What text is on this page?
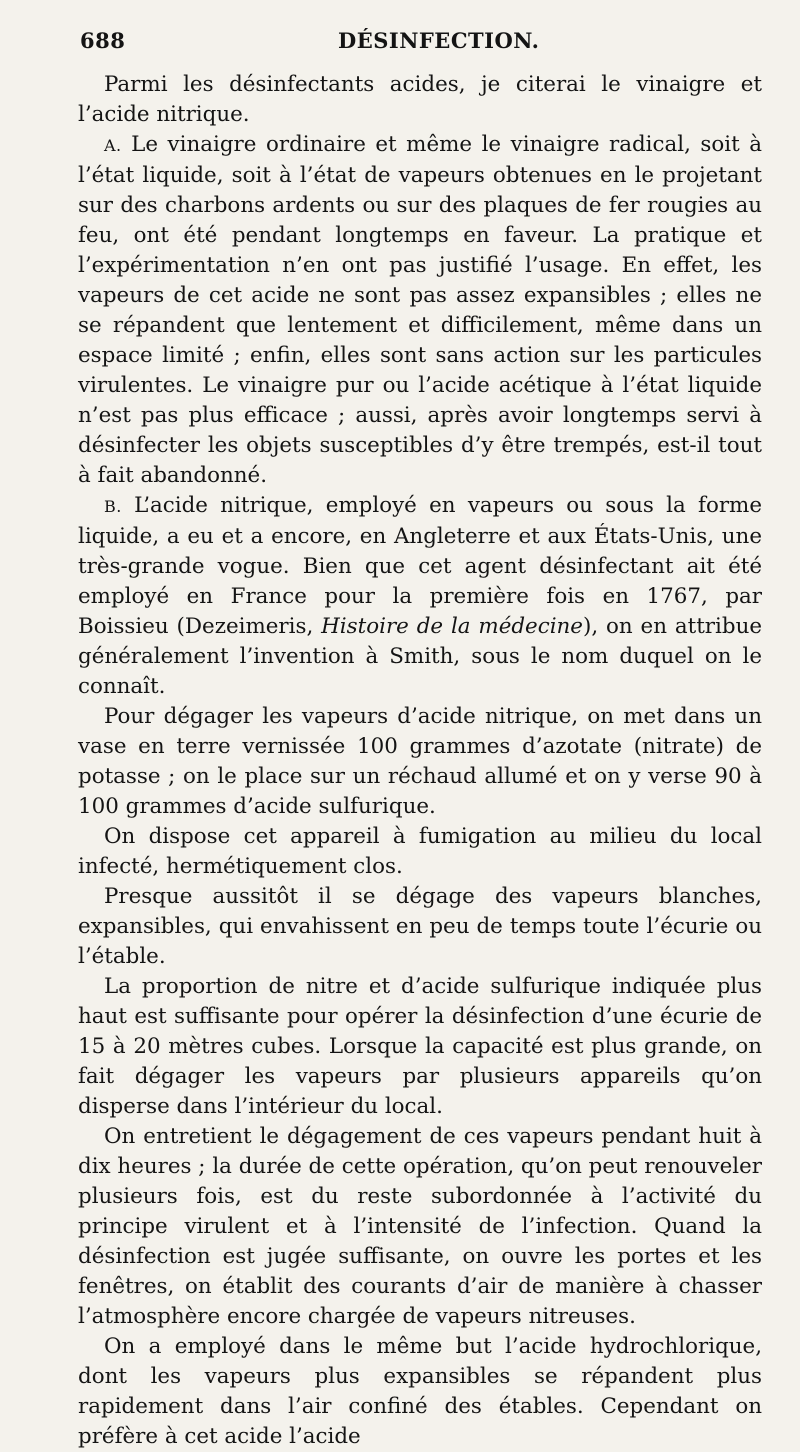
688	DÉSINFECTION.

Parmi les désinfectants acides, je citerai le vinaigre et l’acide nitrique.

A. Le vinaigre ordinaire et même le vinaigre radical, soit à l’état liquide, soit à l’état de vapeurs obtenues en le projetant sur des charbons ardents ou sur des plaques de fer rougies au feu, ont été pendant longtemps en faveur. La pratique et l’expérimentation n’en ont pas justifié l’usage. En effet, les vapeurs de cet acide ne sont pas assez expansibles ; elles ne se répandent que lentement et difficilement, même dans un espace limité ; enfin, elles sont sans action sur les particules virulentes. Le vinaigre pur ou l’acide acétique à l’état liquide n’est pas plus efficace ; aussi, après avoir longtemps servi à désinfecter les objets susceptibles d’y être trempés, est-il tout à fait abandonné.

B. L’acide nitrique, employé en vapeurs ou sous la forme liquide, a eu et a encore, en Angleterre et aux États-Unis, une très-grande vogue. Bien que cet agent désinfectant ait été employé en France pour la première fois en 1767, par Boissieu (Dezeimeris, Histoire de la médecine), on en attribue généralement l’invention à Smith, sous le nom duquel on le connaît.

Pour dégager les vapeurs d’acide nitrique, on met dans un vase en terre vernissée 100 grammes d’azotate (nitrate) de potasse ; on le place sur un réchaud allumé et on y verse 90 à 100 grammes d’acide sulfurique.

On dispose cet appareil à fumigation au milieu du local infecté, hermétiquement clos.

Presque aussitôt il se dégage des vapeurs blanches, expansibles, qui envahissent en peu de temps toute l’écurie ou l’étable.

La proportion de nitre et d’acide sulfurique indiquée plus haut est suffisante pour opérer la désinfection d’une écurie de 15 à 20 mètres cubes. Lorsque la capacité est plus grande, on fait dégager les vapeurs par plusieurs appareils qu’on disperse dans l’intérieur du local.

On entretient le dégagement de ces vapeurs pendant huit à dix heures ; la durée de cette opération, qu’on peut renouveler plusieurs fois, est du reste subordonnée à l’activité du principe virulent et à l’intensité de l’infection. Quand la désinfection est jugée suffisante, on ouvre les portes et les fenêtres, on établit des courants d’air de manière à chasser l’atmosphère encore chargée de vapeurs nitreuses.

On a employé dans le même but l’acide hydrochlorique, dont les vapeurs plus expansibles se répandent plus rapidement dans l’air confiné des étables. Cependant on préfère à cet acide l’acide
